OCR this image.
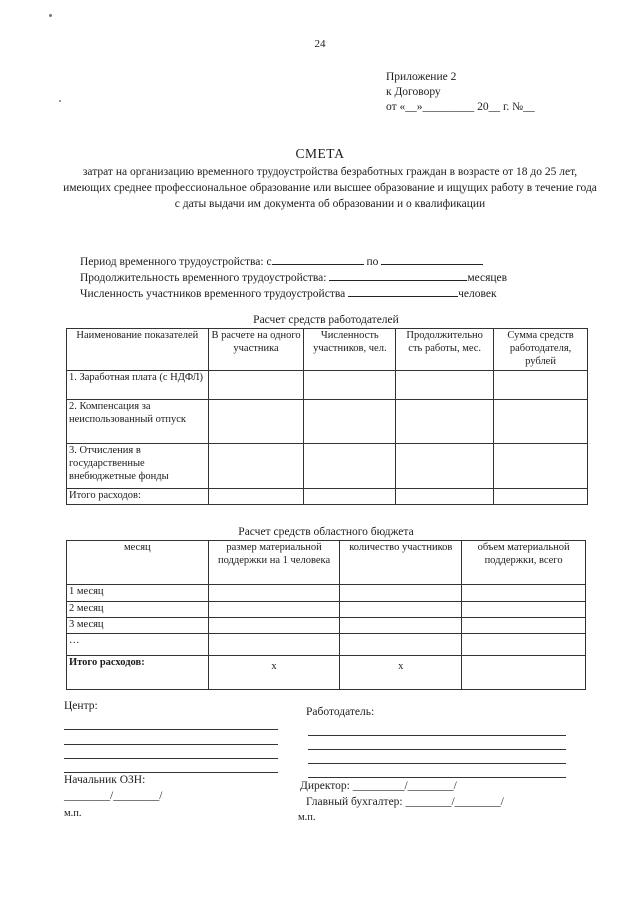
24
Приложение 2
к Договору
от «__»_________ 20__ г. №__
СМЕТА
затрат на организацию временного трудоустройства безработных граждан в возрасте от 18 до 25 лет, имеющих среднее профессиональное образование или высшее образование и ищущих работу в течение года с даты выдачи им документа об образовании и о квалификации
Период временного трудоустройства: с	по
Продолжительность временного трудоустройства:	месяцев
Численность участников временного трудоустройства	человек
Расчет средств работодателей
Наименование показателей	В расчете на одного участника	Численность участников, чел.	Продолжительно сть работы, мес.	Сумма средств работодателя, рублей
1. Заработная плата (с НДФЛ)				
2. Компенсация за неиспользованный отпуск				
3. Отчисления в государственные внебюджетные фонды				
Итого расходов:				
Расчет средств областного бюджета
месяц	размер материальной поддержки на 1 человека	количество участников	объем материальной поддержки, всего
1 месяц			
2 месяц			
3 месяц			
…			
Итого расходов:	х	х	
Центр:	Работодатель:
Начальник ОЗН:
________/________/
м.п.
Директор: _________/________/
Главный бухгалтер: ________/________/
м.п.
